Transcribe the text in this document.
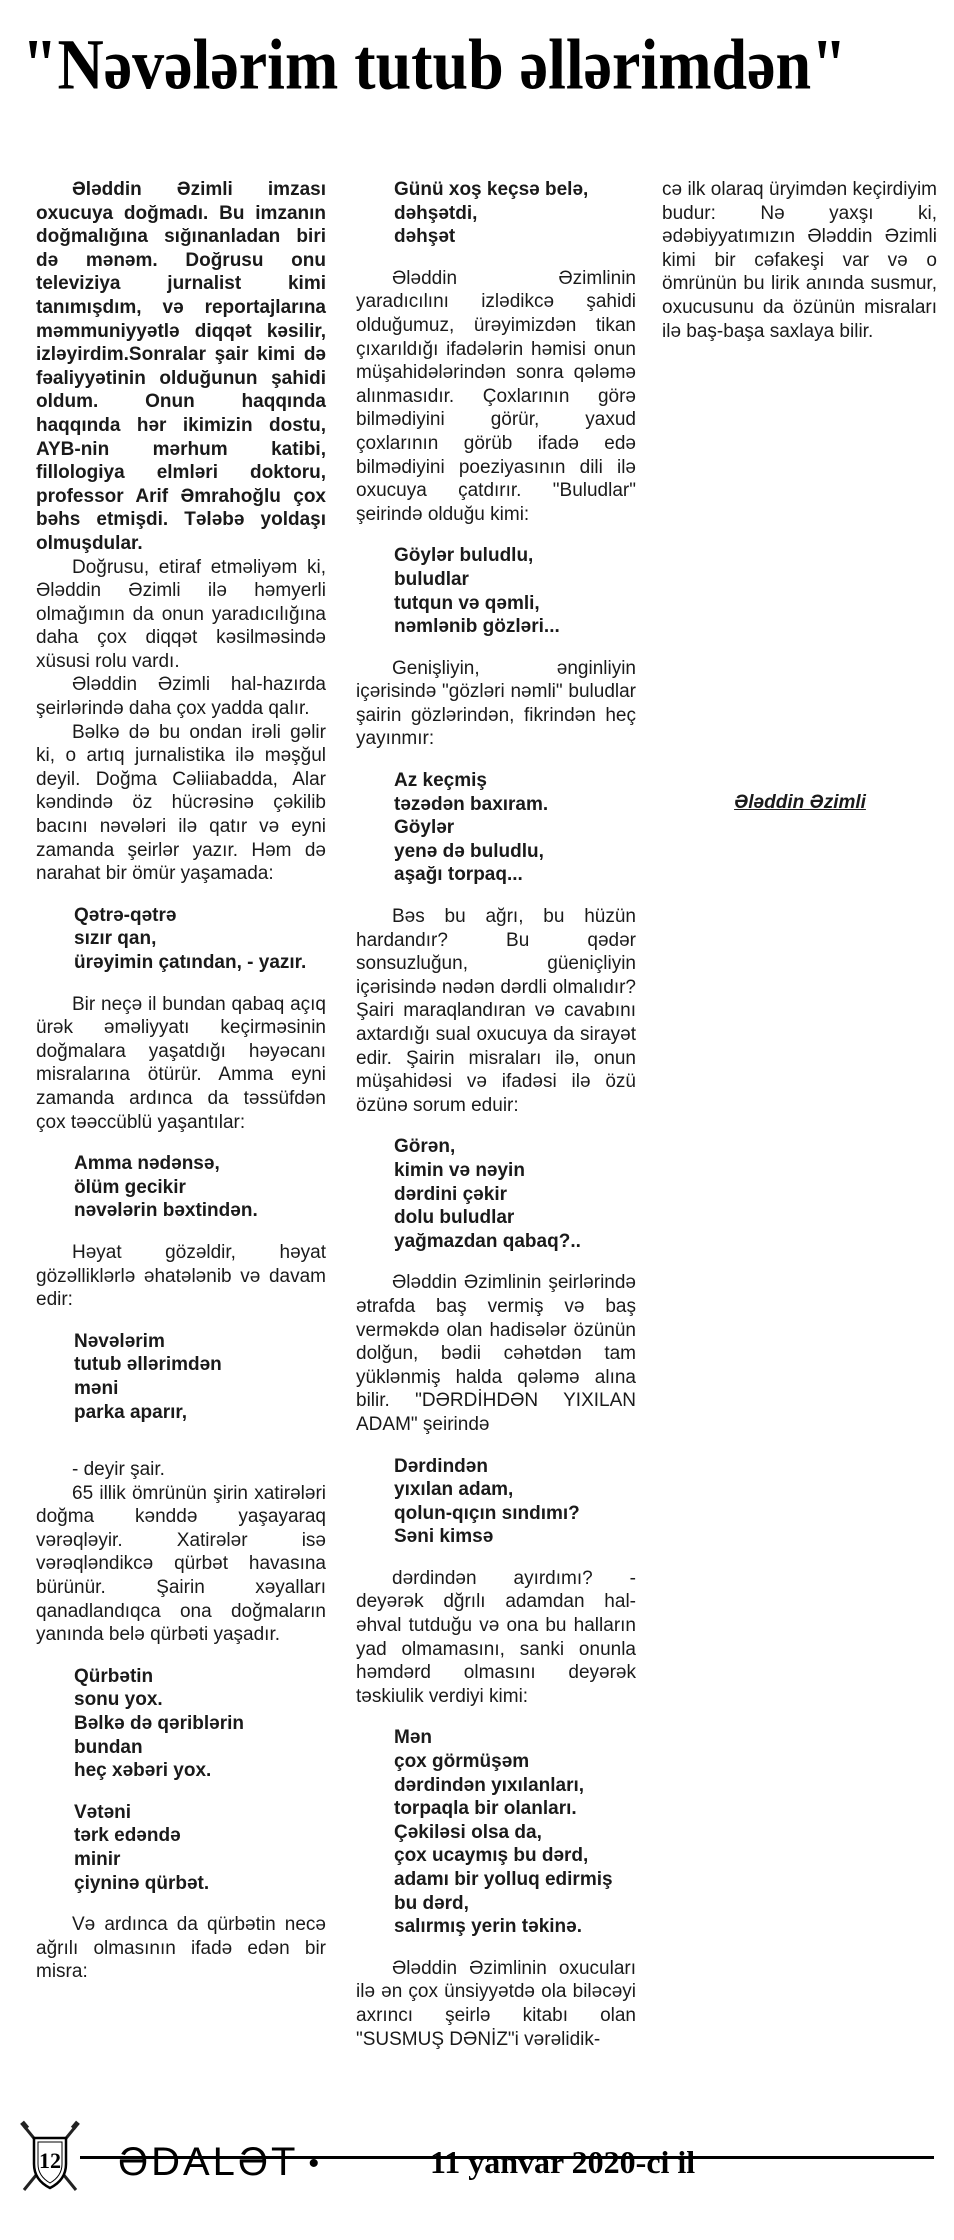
"Nəvələrim tutub əllərimdən"

Ələddin Əzimli imzası oxucuya doğmadı. Bu imzanın doğmalığına sığınanladan biri də mənəm. Doğrusu onu televiziya jurnalist kimi tanımışdım, və reportajlarına məmmuniyyətlə diqqət kəsilir, izləyirdim.Sonralar şair kimi də fəaliyyətinin olduğunun şahidi oldum. Onun haqqında haqqında hər ikimizin dostu, AYB-nin mərhum katibi, fillologiya elmləri doktoru, professor Arif Əmrahoğlu çox bəhs etmişdi. Tələbə yoldaşı olmuşdular.

Doğrusu, etiraf etməliyəm ki, Ələddin Əzimli ilə həmyerli olmağımın da onun yaradıcılığına daha çox diqqət kəsilməsində xüsusi rolu vardı.

Ələddin Əzimli hal-hazırda şeirlərində daha çox yadda qalır.

Bəlkə də bu ondan irəli gəlir ki, o artıq jurnalistika ilə məşğul deyil. Doğma Cəliiabadda, Alar kəndində öz hücrəsinə çəkilib bacını nəvələri ilə qatır və eyni zamanda şeirlər yazır. Həm də narahat bir ömür yaşamada:

Qətrə-qətrə
sızır qan,
ürəyimin çatından, - yazır.

Bir neçə il bundan qabaq açıq ürək əməliyyatı keçirməsinin doğmalara yaşatdığı həyəcanı misralarına ötürür. Amma eyni zamanda ardınca da təssüfdən çox təəccüblü yaşantılar:

Amma nədənsə,
ölüm gecikir
nəvələrin bəxtindən.

Həyat gözəldir, həyat gözəlliklərlə əhatələnib və davam edir:

Nəvələrim
tutub əllərimdən
məni
parka aparır,

- deyir şair.

65 illik ömrünün şirin xatirələri doğma kənddə yaşayaraq vərəqləyir. Xatirələr isə vərəqləndikcə qürbət havasına bürünür. Şairin xəyalları qanadlandıqca ona doğmaların yanında belə qürbəti yaşadır.

Qürbətin
sonu yox.
Bəlkə də qəriblərin
bundan
heç xəbəri yox.
Vətəni
tərk edəndə
minir
çiyninə qürbət.

Və ardınca da qürbətin necə ağrılı olmasının ifadə edən bir misra:

Günü xoş keçsə belə,
dəhşətdi,
dəhşət

Ələddin Əzimlinin yaradıcılını izlədikcə şahidi olduğumuz, ürəyimizdən tikan çıxarıldığı ifadələrin həmisi onun müşahidələrindən sonra qələmə alınmasıdır. Çoxlarının görə bilmədiyini görür, yaxud çoxlarının görüb ifadə edə bilmədiyini poeziyasının dili ilə oxucuya çatdırır. "Buludlar" şeirində olduğu kimi:

Göylər buludlu,
buludlar
tutqun və qəmli,
nəmlənib gözləri...

Genişliyin, ənginliyin içərisində "gözləri nəmli" buludlar şairin gözlərindən, fikrindən heç yayınmır:

Az keçmiş
təzədən baxıram.
Göylər
yenə də buludlu,
aşağı torpaq...

Bəs bu ağrı, bu hüzün hardandır? Bu qədər sonsuzluğun, güeniçliyin içərisində nədən dərdli olmalıdır? Şairi maraqlandıran və cavabını axtardığı sual oxucuya da sirayət edir. Şairin misraları ilə, onun müşahidəsi və ifadəsi ilə özü özünə sorum eduir:

Görən,
kimin və nəyin
dərdini çəkir
dolu buludlar
yağmazdan qabaq?..

Ələddin Əzimlinin şeirlərində ətrafda baş vermiş və baş verməkdə olan hadisələr özünün dolğun, bədii cəhətdən tam yüklənmiş halda qələmə alına bilir. "DƏRDİHDƏN YIXILAN ADAM" şeirində

Dərdindən
yıxılan adam,
qolun-qıçın sındımı?
Səni kimsə

dərdindən ayırdımı? -deyərək dğrılı adamdan hal-əhval tutduğu və ona bu halların yad olmamasını, sanki onunla həmdərd olmasını deyərək təskiulik verdiyi kimi:

Mən
çox görmüşəm
dərdindən yıxılanları,
torpaqla bir olanları.
Çəkiləsi olsa da,
çox ucaymış bu dərd,
adamı bir yolluq edirmiş
bu dərd,
salırmış yerin təkinə.

Ələddin Əzimlinin oxucuları ilə ən çox ünsiyyətdə ola biləcəyi axrıncı şeirlə kitabı olan "SUSMUŞ DƏNİZ"i vərəlidik-

cə ilk olaraq üryimdən keçirdiyim budur: Nə yaxşı ki, ədəbiyyatımızın Ələddin Əzimli kimi bir cəfakeşi var və o ömrünün bu lirik anında susmur, oxucusunu da özünün misraları ilə baş-başa saxlaya bilir.

Ələddin Əzimli
12 ƏDALƏT •	11 yanvar 2020-ci il
